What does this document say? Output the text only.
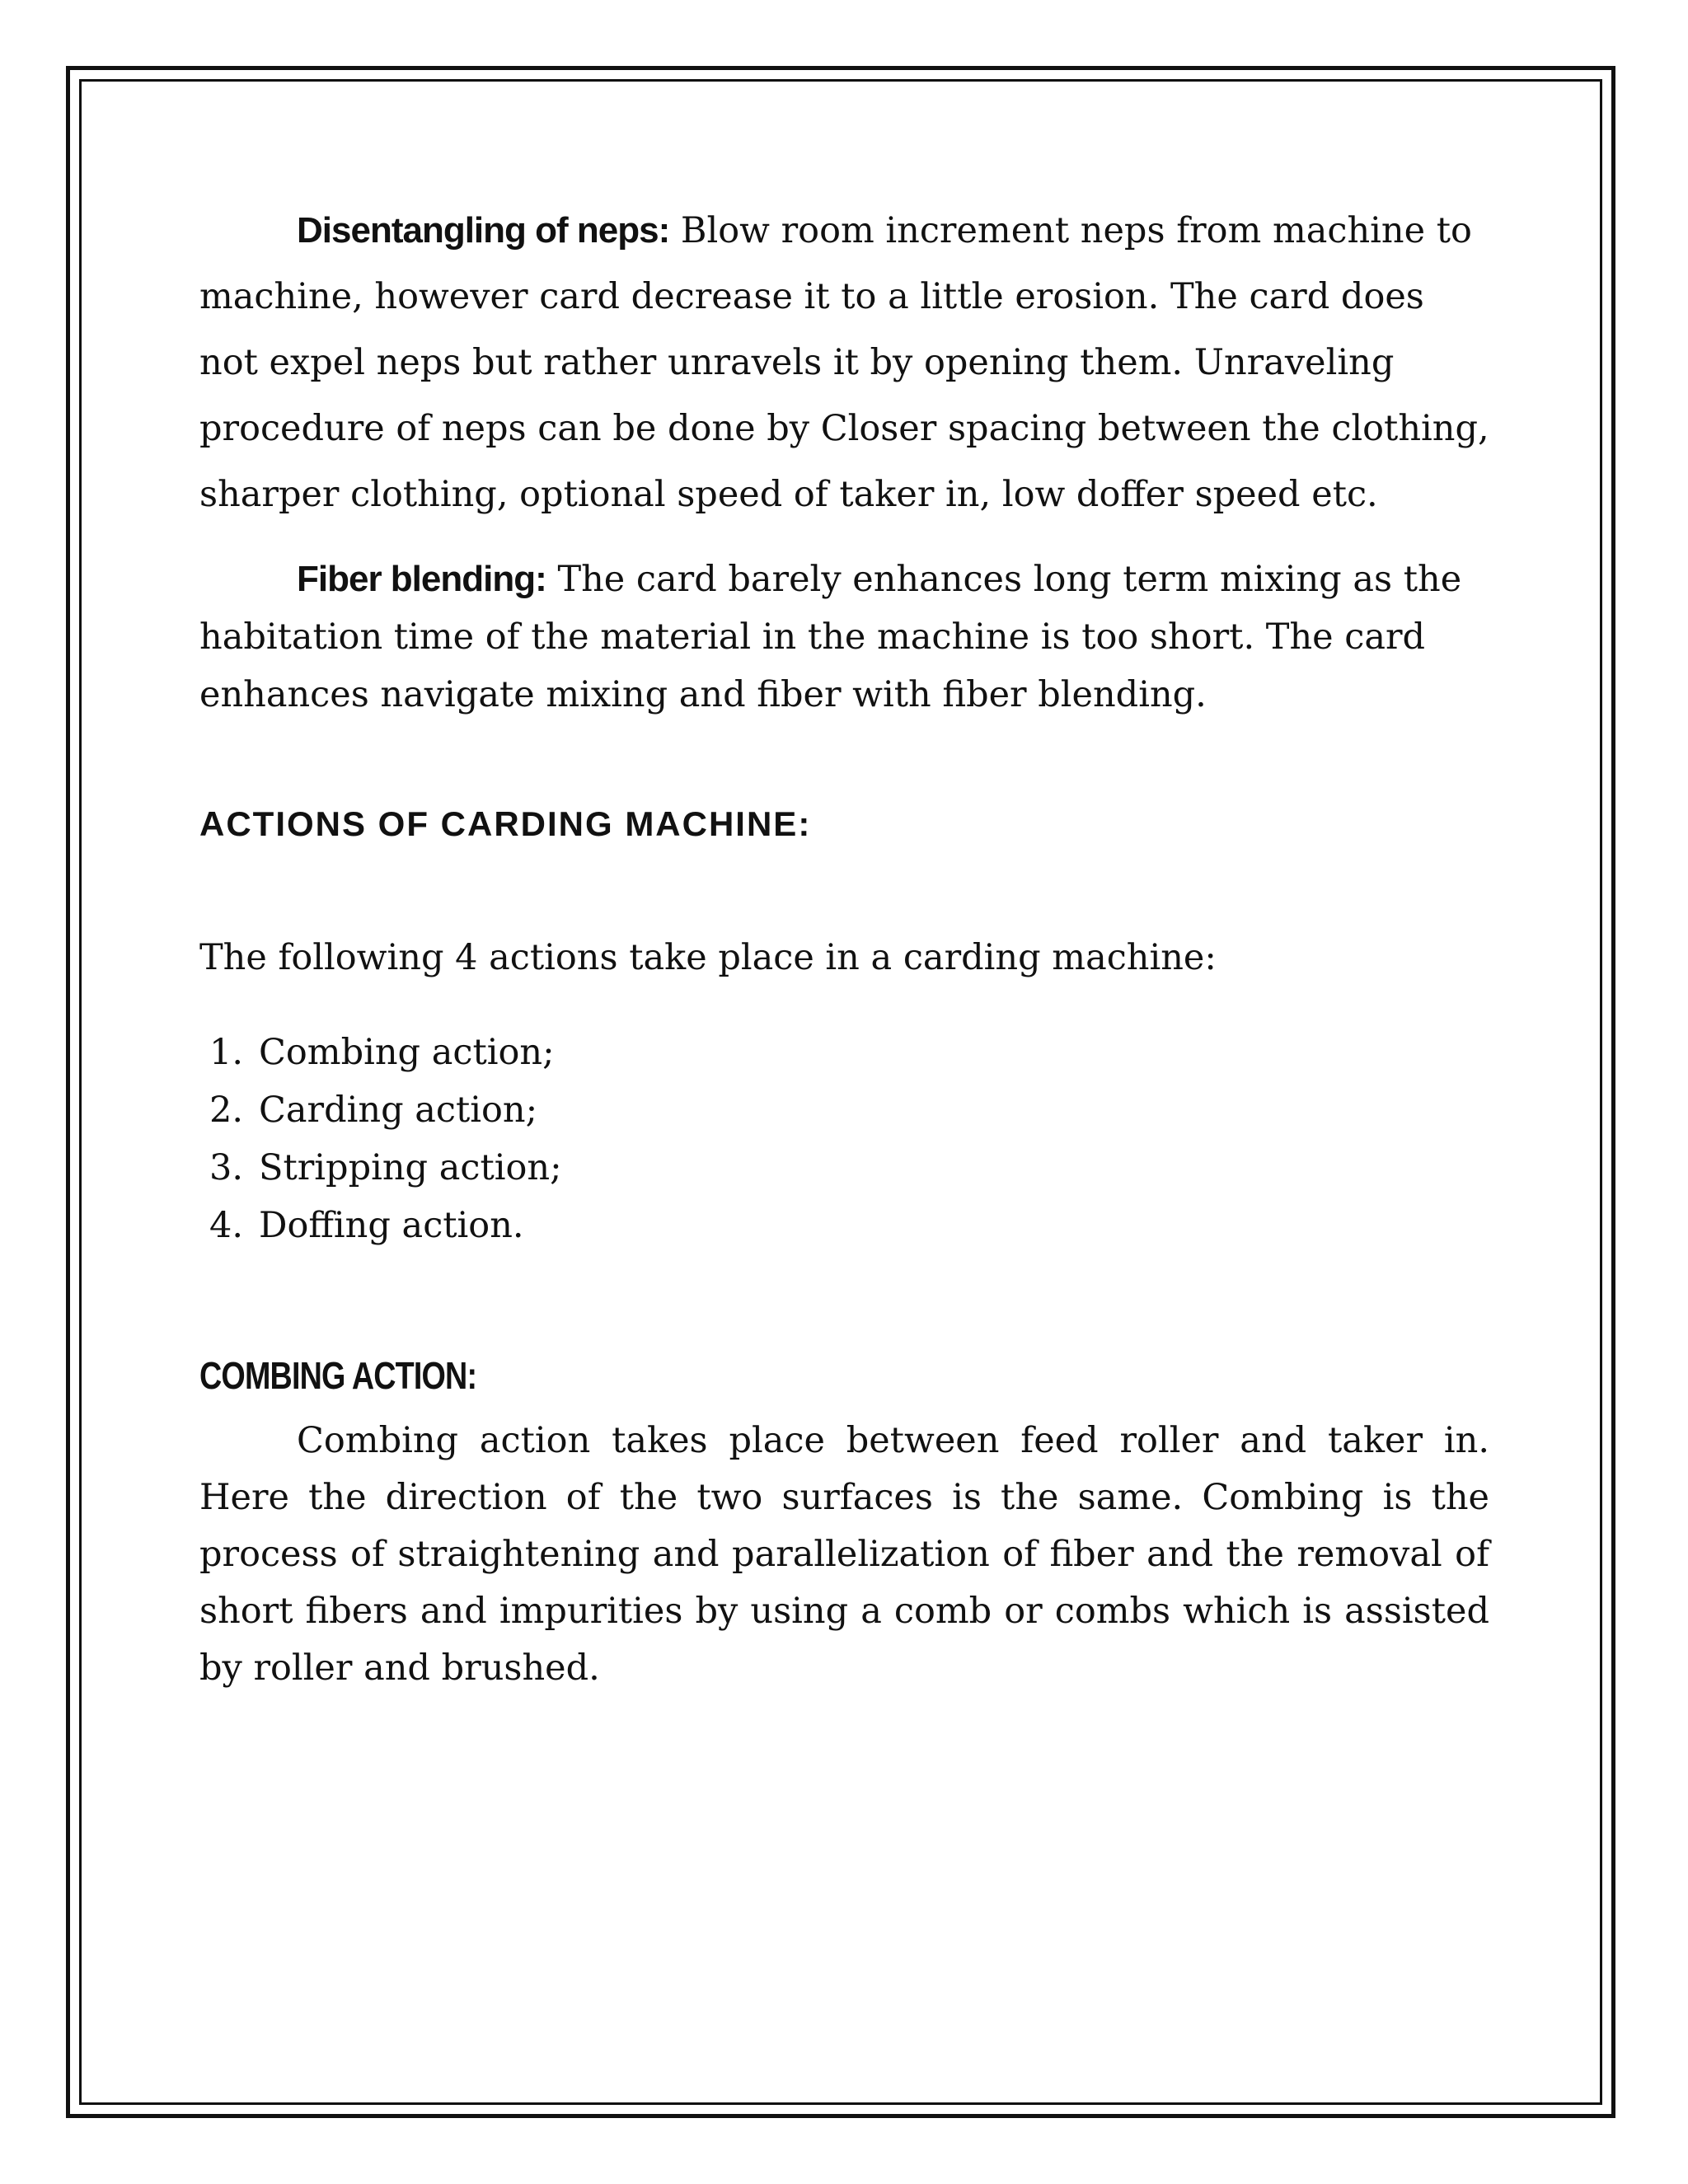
Disentangling of neps: Blow room increment neps from machine to machine, however card decrease it to a little erosion. The card does not expel neps but rather unravels it by opening them. Unraveling procedure of neps can be done by Closer spacing between the clothing, sharper clothing, optional speed of taker in, low doffer speed etc.

Fiber blending: The card barely enhances long term mixing as the habitation time of the material in the machine is too short. The card enhances navigate mixing and fiber with fiber blending.

ACTIONS OF CARDING MACHINE:

The following 4 actions take place in a carding machine:

1. Combing action;
2. Carding action;
3. Stripping action;
4. Doffing action.
COMBING ACTION:

Combing action takes place between feed roller and taker in. Here the direction of the two surfaces is the same. Combing is the process of straightening and parallelization of fiber and the removal of short fibers and impurities by using a comb or combs which is assisted by roller and brushed.
